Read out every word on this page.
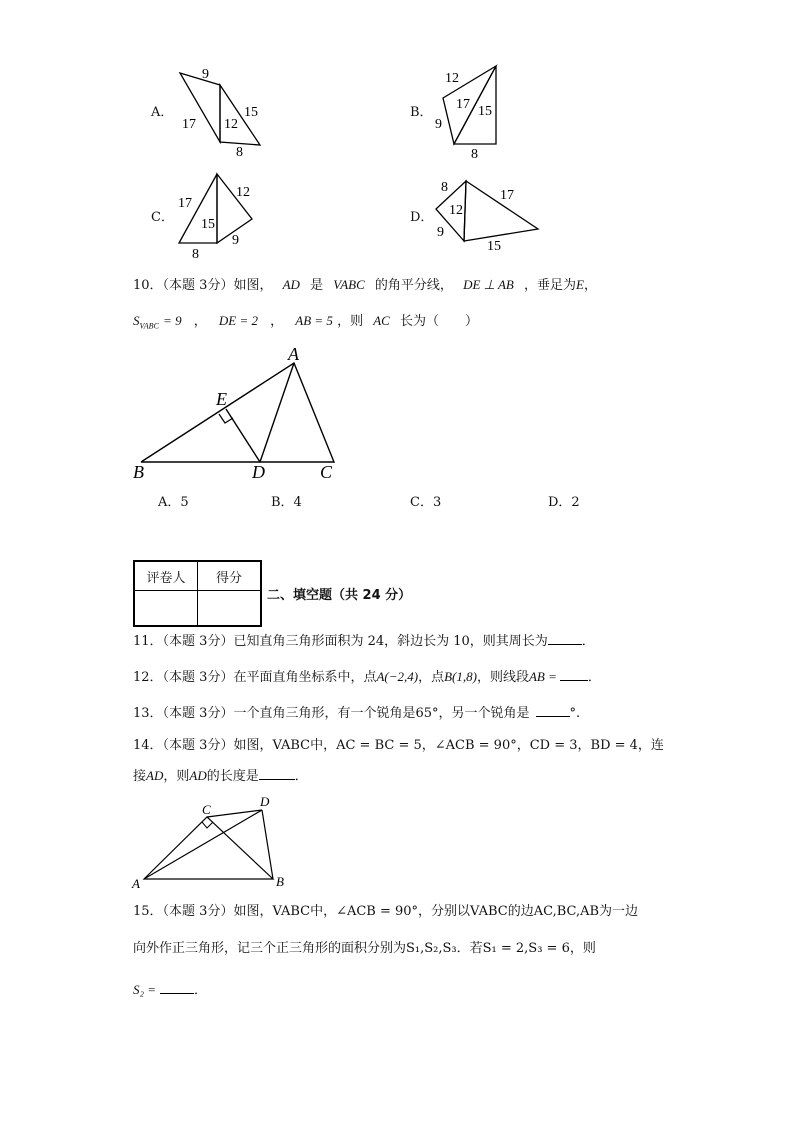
A．
9
17 12
15
8
12
17 15
9
8
17
12
15
9
8
8
17
12
9
15
B．
C．	D．
10．（本题 3分）如图， AD 是 VABC 的角平分线， DE ⊥ AB ，垂足为E，
$S_{VABC} = 9$ ， DE = 2 ， AB = 5 ，则 AC 长为（　　）
A
B	C
D
E
A．5	B．4	C．3	D．2
评卷人	得分

二、填空题（共 24 分）
11．（本题 3分）已知直角三角形面积为 24，斜边长为 10，则其周长为	．
12．（本题 3分）在平面直角坐标系中，点A(−2,4)，点B(1,8)，则线段AB = ．
13．（本题 3分）一个直角三角形，有一个锐角是65°，另一个锐角是	°.
14．（本题 3分）如图，VABC中，AC = BC = 5，∠ACB = 90°，CD = 3，BD = 4，连
接AD，则AD的长度是	．
A	B
C
D
15．（本题 3分）如图，VABC中，∠ACB = 90°，分别以VABC的边AC,BC,AB为一边
向外作正三角形，记三个正三角形的面积分别为S₁,S₂,S₃．若S₁ = 2,S₃ = 6，则
S₂ =	．
